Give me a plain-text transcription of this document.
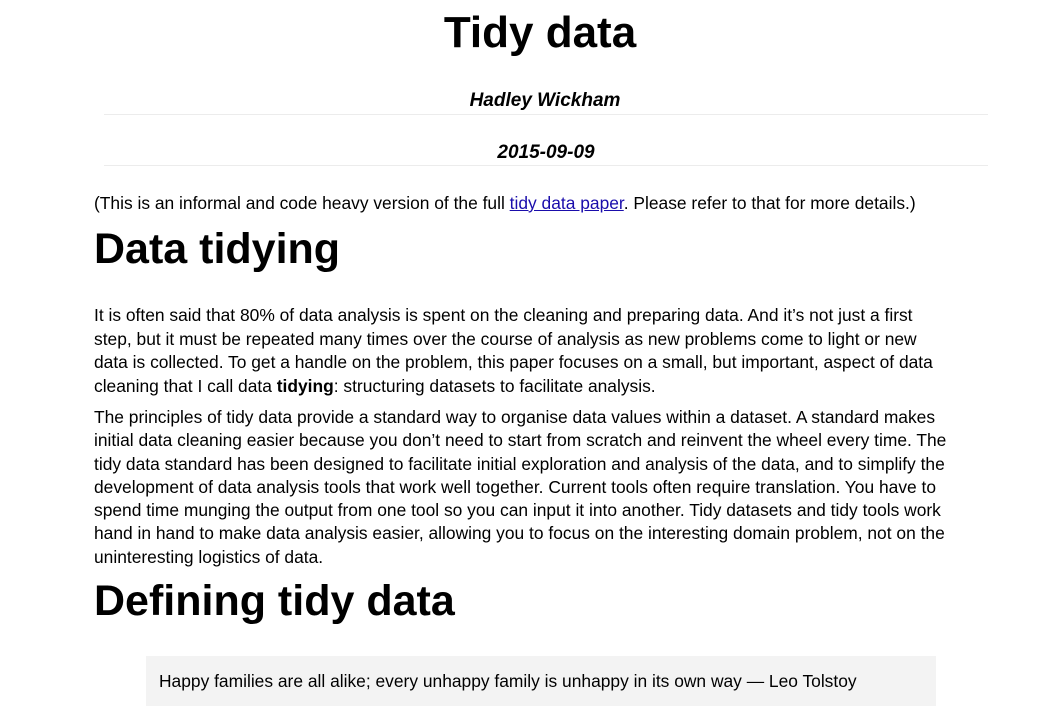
Tidy data
Hadley Wickham
2015-09-09

(This is an informal and code heavy version of the full tidy data paper. Please refer to that for more details.)

Data tidying

It is often said that 80% of data analysis is spent on the cleaning and preparing data. And it’s not just a first
step, but it must be repeated many times over the course of analysis as new problems come to light or new
data is collected. To get a handle on the problem, this paper focuses on a small, but important, aspect of data
cleaning that I call data tidying: structuring datasets to facilitate analysis.

The principles of tidy data provide a standard way to organise data values within a dataset. A standard makes
initial data cleaning easier because you don’t need to start from scratch and reinvent the wheel every time. The
tidy data standard has been designed to facilitate initial exploration and analysis of the data, and to simplify the
development of data analysis tools that work well together. Current tools often require translation. You have to
spend time munging the output from one tool so you can input it into another. Tidy datasets and tidy tools work
hand in hand to make data analysis easier, allowing you to focus on the interesting domain problem, not on the
uninteresting logistics of data.

Defining tidy data
Happy families are all alike; every unhappy family is unhappy in its own way — Leo Tolstoy
